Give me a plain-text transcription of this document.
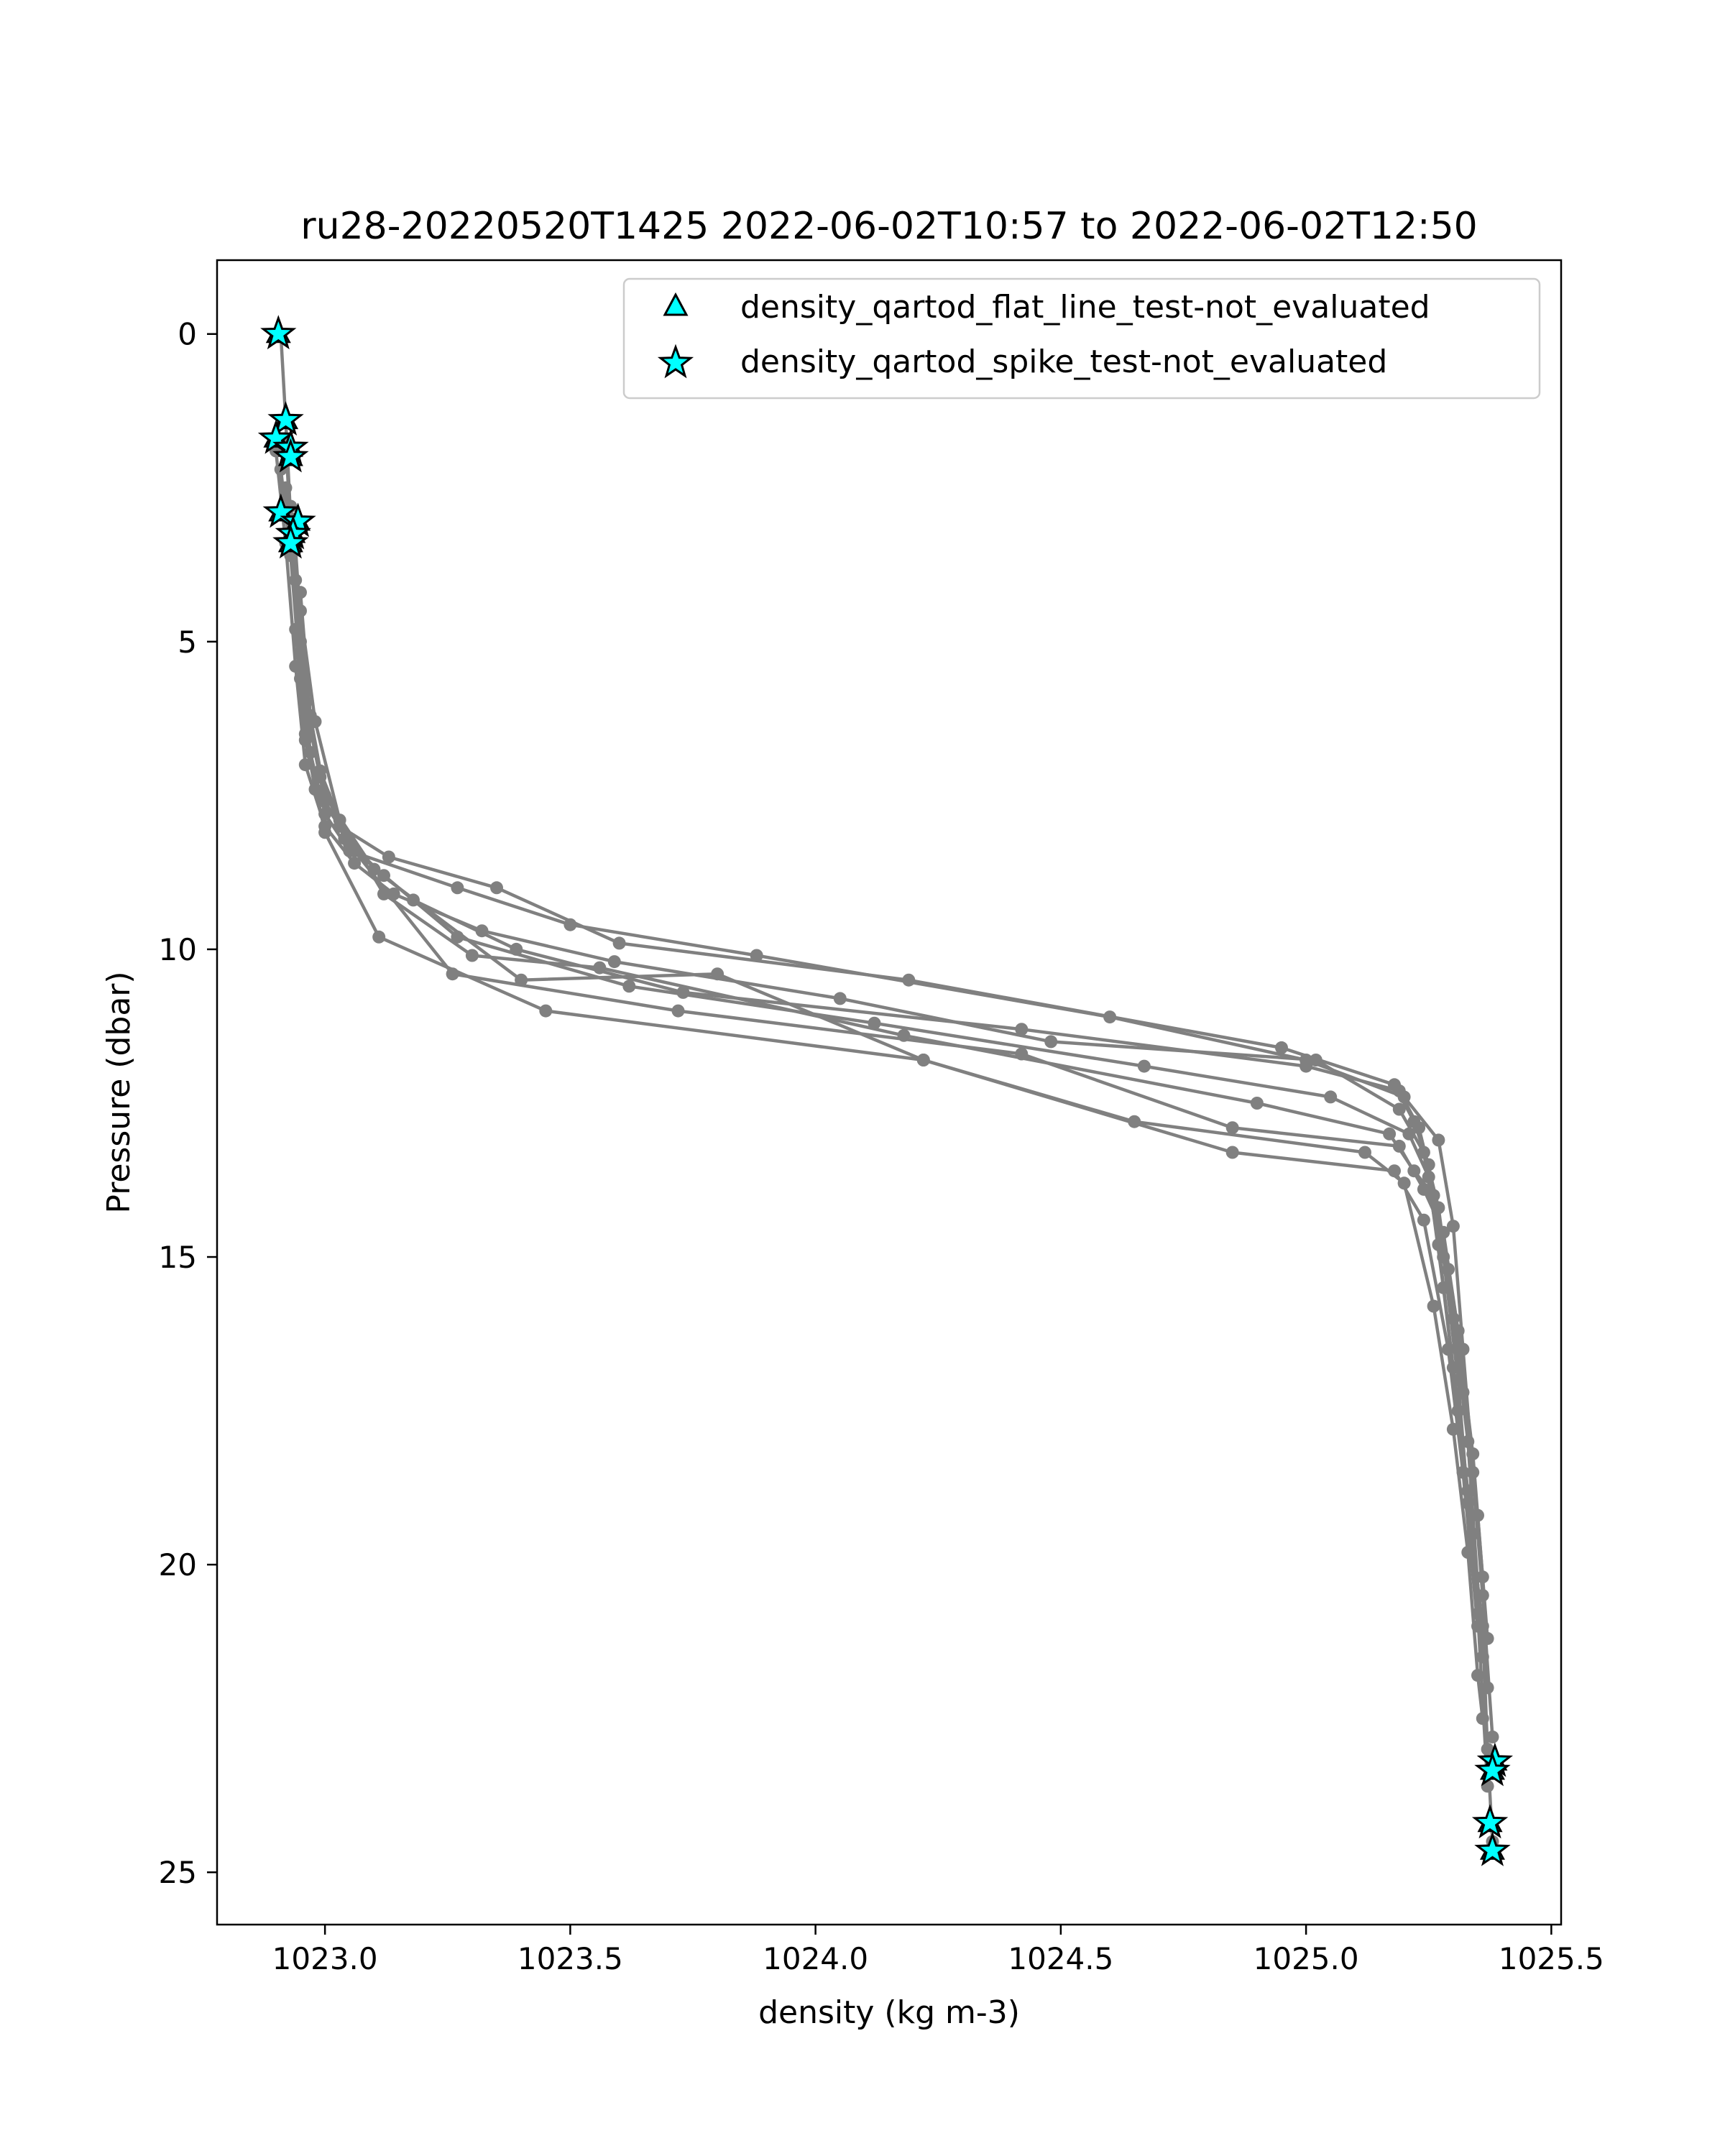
1023.0	1023.5	1024.0	1024.5	1025.0	1025.5
0
5
10
15
20
25
ru28-20220520T1425 2022-06-02T10:57 to 2022-06-02T12:50
density (kg m-3)
Pressure (dbar)
density_qartod_flat_line_test-not_evaluated
density_qartod_spike_test-not_evaluated
